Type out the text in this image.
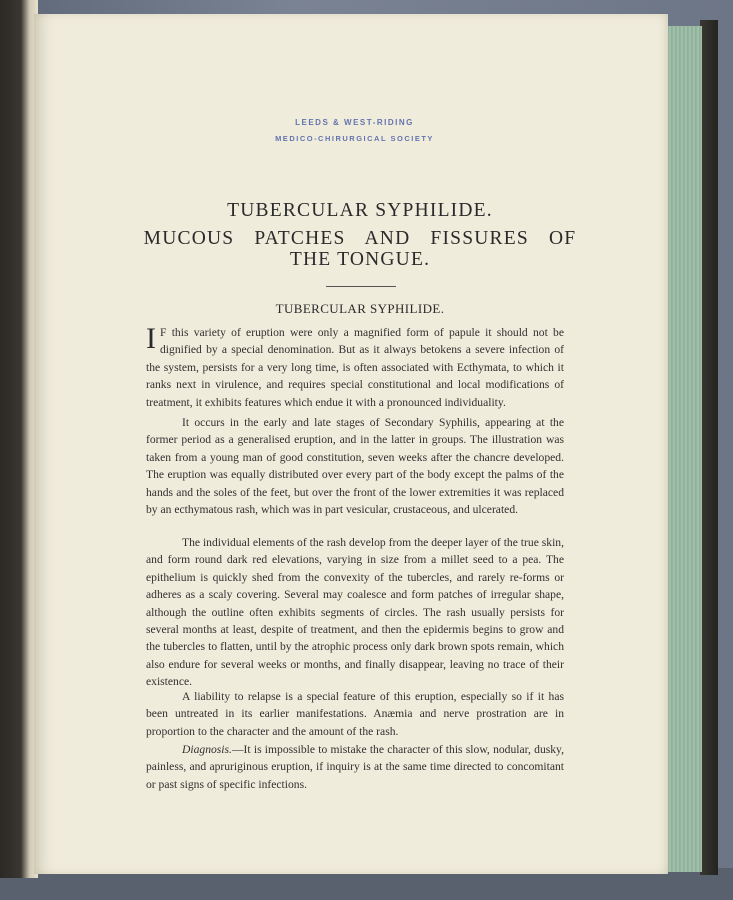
LEEDS & WEST-RIDING
MEDICO-CHIRURGICAL SOCIETY
TUBERCULAR SYPHILIDE.
MUCOUS PATCHES AND FISSURES OF
THE TONGUE.
TUBERCULAR SYPHILIDE.
I F this variety of eruption were only a magnified form of papule it should not be dignified by a special denomination. But as it always betokens a severe infection of the system, persists for a very long time, is often associated with Ecthymata, to which it ranks next in virulence, and requires special constitutional and local modifications of treatment, it exhibits features which endue it with a pronounced individuality.
It occurs in the early and late stages of Secondary Syphilis, appearing at the former period as a generalised eruption, and in the latter in groups. The illustration was taken from a young man of good constitution, seven weeks after the chancre developed. The eruption was equally distributed over every part of the body except the palms of the hands and the soles of the feet, but over the front of the lower extremities it was replaced by an ecthymatous rash, which was in part vesicular, crustaceous, and ulcerated.
The individual elements of the rash develop from the deeper layer of the true skin, and form round dark red elevations, varying in size from a millet seed to a pea. The epithelium is quickly shed from the convexity of the tubercles, and rarely re-forms or adheres as a scaly covering. Several may coalesce and form patches of irregular shape, although the outline often exhibits segments of circles. The rash usually persists for several months at least, despite of treatment, and then the epidermis begins to grow and the tubercles to flatten, until by the atrophic process only dark brown spots remain, which also endure for several weeks or months, and finally disappear, leaving no trace of their existence.
A liability to relapse is a special feature of this eruption, especially so if it has been untreated in its earlier manifestations. Anæmia and nerve prostration are in proportion to the character and the amount of the rash.
Diagnosis.—It is impossible to mistake the character of this slow, nodular, dusky, painless, and apruriginous eruption, if inquiry is at the same time directed to concomitant or past signs of specific infections.
